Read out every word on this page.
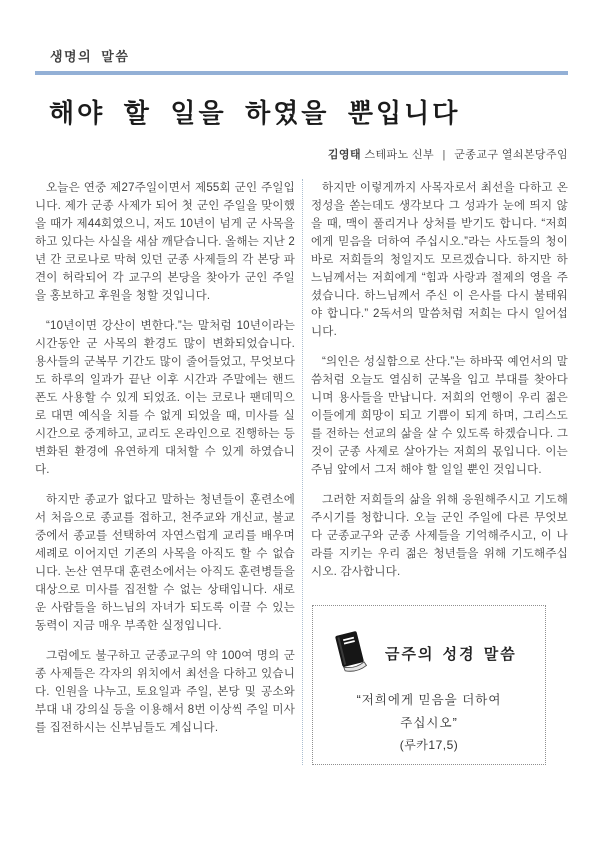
생명의 말씀
해야 할 일을 하였을 뿐입니다
김영태 스테파노 신부 | 군종교구 열쇠본당주임

오늘은 연중 제27주일이면서 제55회 군인 주일입니다. 제가 군종 사제가 되어 첫 군인 주일을 맞이했을 때가 제44회였으니, 저도 10년이 넘게 군 사목을 하고 있다는 사실을 새삼 깨닫습니다. 올해는 지난 2년 간 코로나로 막혀 있던 군종 사제들의 각 본당 파견이 허락되어 각 교구의 본당을 찾아가 군인 주일을 홍보하고 후원을 청할 것입니다.

“10년이면 강산이 변한다.”는 말처럼 10년이라는 시간동안 군 사목의 환경도 많이 변화되었습니다. 용사들의 군복무 기간도 많이 줄어들었고, 무엇보다도 하루의 일과가 끝난 이후 시간과 주말에는 핸드폰도 사용할 수 있게 되었죠. 이는 코로나 팬데믹으로 대면 예식을 치를 수 없게 되었을 때, 미사를 실시간으로 중계하고, 교리도 온라인으로 진행하는 등 변화된 환경에 유연하게 대처할 수 있게 하였습니다.

하지만 종교가 없다고 말하는 청년들이 훈련소에서 처음으로 종교를 접하고, 천주교와 개신교, 불교 중에서 종교를 선택하여 자연스럽게 교리를 배우며 세례로 이어지던 기존의 사목을 아직도 할 수 없습니다. 논산 연무대 훈련소에서는 아직도 훈련병들을 대상으로 미사를 집전할 수 없는 상태입니다. 새로운 사람들을 하느님의 자녀가 되도록 이끌 수 있는 동력이 지금 매우 부족한 실정입니다.

그럼에도 불구하고 군종교구의 약 100여 명의 군종 사제들은 각자의 위치에서 최선을 다하고 있습니다. 인원을 나누고, 토요일과 주일, 본당 및 공소와 부대 내 강의실 등을 이용해서 8번 이상씩 주일 미사를 집전하시는 신부님들도 계십니다.

하지만 이렇게까지 사목자로서 최선을 다하고 온 정성을 쏟는데도 생각보다 그 성과가 눈에 띄지 않을 때, 맥이 풀리거나 상처를 받기도 합니다. “저희에게 믿음을 더하여 주십시오.”라는 사도들의 청이 바로 저희들의 청일지도 모르겠습니다. 하지만 하느님께서는 저희에게 “힘과 사랑과 절제의 영을 주셨습니다. 하느님께서 주신 이 은사를 다시 불태워야 합니다.” 2독서의 말씀처럼 저희는 다시 일어섭니다.

“의인은 성실함으로 산다.”는 하바꾹 예언서의 말씀처럼 오늘도 열심히 군복을 입고 부대를 찾아다니며 용사들을 만납니다. 저희의 언행이 우리 젊은이들에게 희망이 되고 기쁨이 되게 하며, 그리스도를 전하는 선교의 삶을 살 수 있도록 하겠습니다. 그것이 군종 사제로 살아가는 저희의 몫입니다. 이는 주님 앞에서 그저 해야 할 일일 뿐인 것입니다.

그러한 저희들의 삶을 위해 응원해주시고 기도해주시기를 청합니다. 오늘 군인 주일에 다른 무엇보다 군종교구와 군종 사제들을 기억해주시고, 이 나라를 지키는 우리 젊은 청년들을 위해 기도해주십시오. 감사합니다.

금주의 성경 말씀
“저희에게 믿음을 더하여
주십시오”
(루카17,5)
